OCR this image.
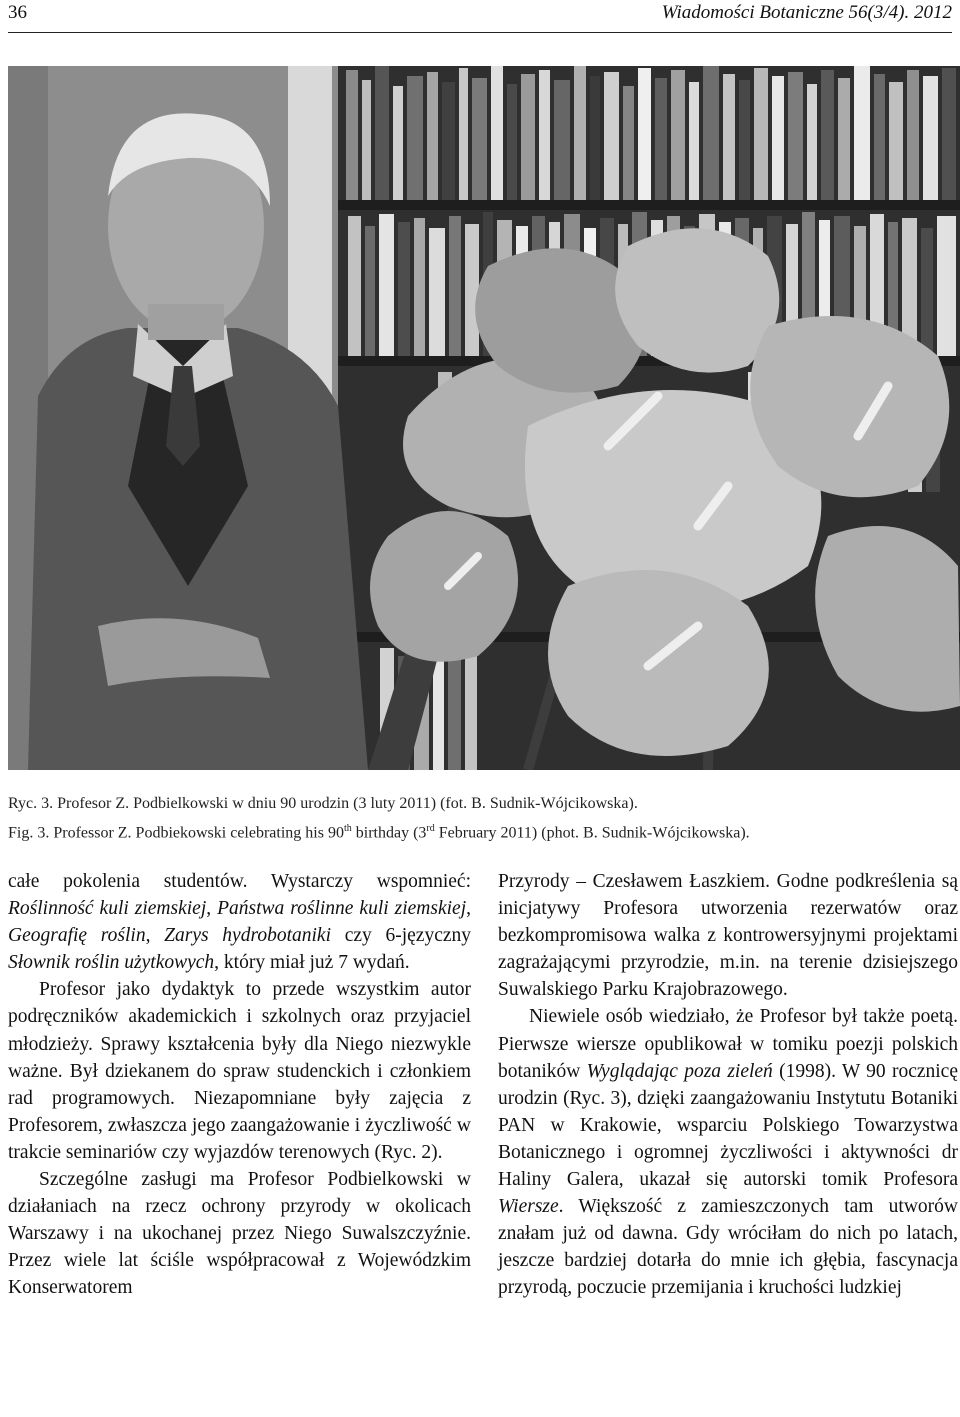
36	Wiadomości Botaniczne 56(3/4). 2012
Ryc. 3. Profesor Z. Podbielkowski w dniu 90 urodzin (3 luty 2011) (fot. B. Sudnik-Wójcikowska).
Fig. 3. Professor Z. Podbiekowski celebrating his 90th birthday (3rd February 2011) (phot. B. Sudnik-Wójcikowska).

całe pokolenia studentów. Wystarczy wspomnieć: Roślinność kuli ziemskiej, Państwa roślinne kuli ziemskiej, Geografię roślin, Zarys hydrobotaniki czy 6-języczny Słownik roślin użytkowych, który miał już 7 wydań.

Profesor jako dydaktyk to przede wszystkim autor podręczników akademickich i szkolnych oraz przyjaciel młodzieży. Sprawy kształcenia były dla Niego niezwykle ważne. Był dziekanem do spraw studenckich i członkiem rad programowych. Niezapomniane były zajęcia z Profesorem, zwłaszcza jego zaangażowanie i życzliwość w trakcie seminariów czy wyjazdów terenowych (Ryc. 2).

Szczególne zasługi ma Profesor Podbielkowski w działaniach na rzecz ochrony przyrody w okolicach Warszawy i na ukochanej przez Niego Suwalszczyźnie. Przez wiele lat ściśle współpracował z Wojewódzkim Konserwatorem

Przyrody – Czesławem Łaszkiem. Godne podkreślenia są inicjatywy Profesora utworzenia rezerwatów oraz bezkompromisowa walka z kontrowersyjnymi projektami zagrażającymi przyrodzie, m.in. na terenie dzisiejszego Suwalskiego Parku Krajobrazowego.

Niewiele osób wiedziało, że Profesor był także poetą. Pierwsze wiersze opublikował w tomiku poezji polskich botaników Wyglądając poza zieleń (1998). W 90 rocznicę urodzin (Ryc. 3), dzięki zaangażowaniu Instytutu Botaniki PAN w Krakowie, wsparciu Polskiego Towarzystwa Botanicznego i ogromnej życzliwości i aktywności dr Haliny Galera, ukazał się autorski tomik Profesora Wiersze. Większość z zamieszczonych tam utworów znałam już od dawna. Gdy wróciłam do nich po latach, jeszcze bardziej dotarła do mnie ich głębia, fascynacja przyrodą, poczucie przemijania i kruchości ludzkiej
